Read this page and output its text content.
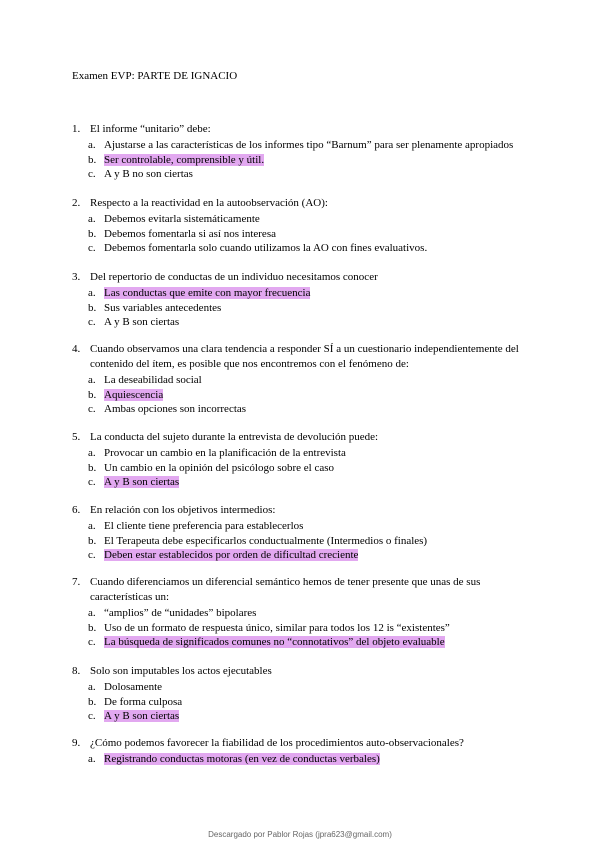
Examen EVP: PARTE DE IGNACIO
1. El informe “unitario” debe:
a. Ajustarse a las características de los informes tipo “Barnum” para ser plenamente apropiados
b. Ser controlable, comprensible y útil.
c. A y B no son ciertas
2. Respecto a la reactividad en la autoobservación (AO):
a. Debemos evitarla sistemáticamente
b. Debemos fomentarla si así nos interesa
c. Debemos fomentarla solo cuando utilizamos la AO con fines evaluativos.
3. Del repertorio de conductas de un individuo necesitamos conocer
a. Las conductas que emite con mayor frecuencia
b. Sus variables antecedentes
c. A y B son ciertas
4. Cuando observamos una clara tendencia a responder SÍ a un cuestionario independientemente del contenido del ítem, es posible que nos encontremos con el fenómeno de:
a. La deseabilidad social
b. Aquiescencia
c. Ambas opciones son incorrectas
5. La conducta del sujeto durante la entrevista de devolución puede:
a. Provocar un cambio en la planificación de la entrevista
b. Un cambio en la opinión del psicólogo sobre el caso
c. A y B son ciertas
6. En relación con los objetivos intermedios:
a. El cliente tiene preferencia para establecerlos
b. El Terapeuta debe especificarlos conductualmente (Intermedios o finales)
c. Deben estar establecidos por orden de dificultad creciente
7. Cuando diferenciamos un diferencial semántico hemos de tener presente que unas de sus características un:
a. “amplios” de “unidades” bipolares
b. Uso de un formato de respuesta único, similar para todos los 12 is “existentes”
c. La búsqueda de significados comunes no “connotativos” del objeto evaluable
8. Solo son imputables los actos ejecutables
a. Dolosamente
b. De forma culposa
c. A y B son ciertas
9. ¿Cómo podemos favorecer la fiabilidad de los procedimientos auto-observacionales?
a. Registrando conductas motoras (en vez de conductas verbales)
Descargado por Pablor Rojas (jpra623@gmail.com)
